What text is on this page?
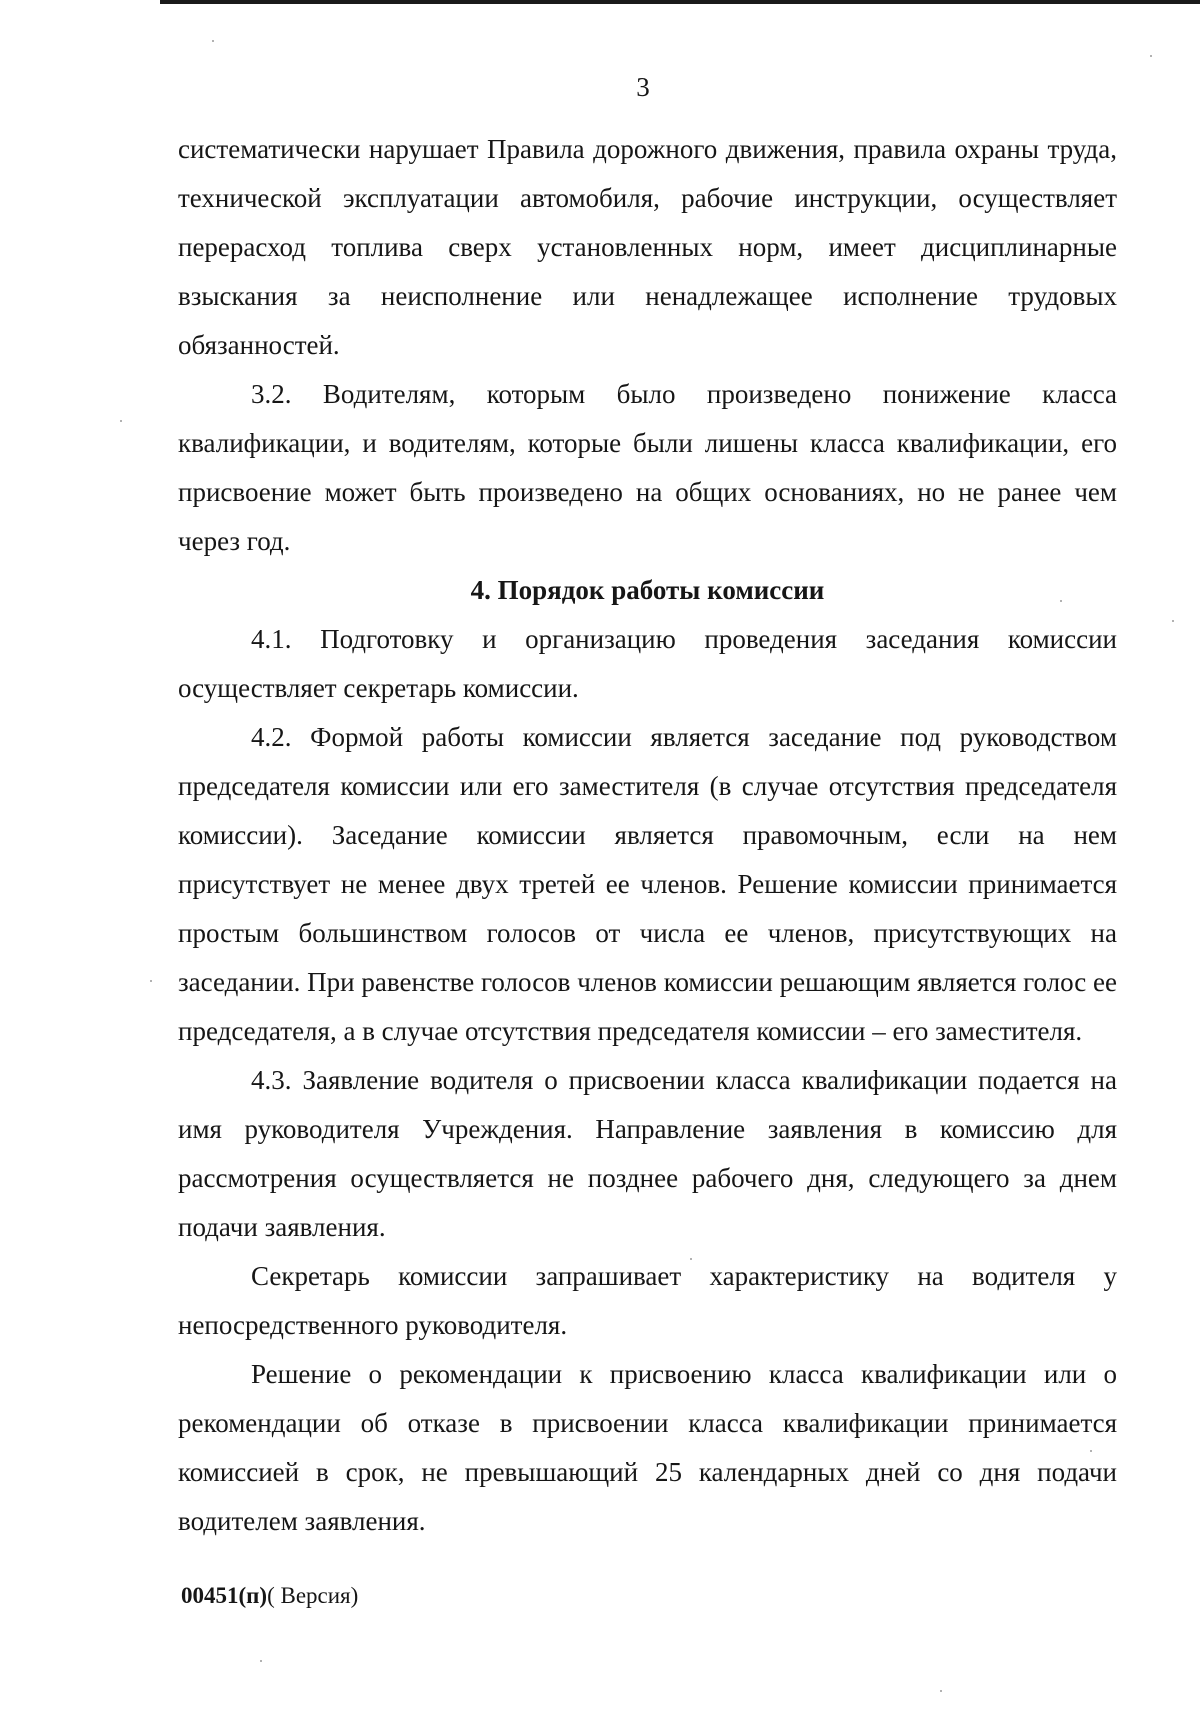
3

систематически нарушает Правила дорожного движения, правила охраны труда, технической эксплуатации автомобиля, рабочие инструкции, осуществляет перерасход топлива сверх установленных норм, имеет дисциплинарные взыскания за неисполнение или ненадлежащее исполнение трудовых обязанностей.

3.2. Водителям, которым было произведено понижение класса квалификации, и водителям, которые были лишены класса квалификации, его присвоение может быть произведено на общих основаниях, но не ранее чем через год.

4. Порядок работы комиссии

4.1. Подготовку и организацию проведения заседания комиссии осуществляет секретарь комиссии.

4.2. Формой работы комиссии является заседание под руководством председателя комиссии или его заместителя (в случае отсутствия председателя комиссии). Заседание комиссии является правомочным, если на нем присутствует не менее двух третей ее членов. Решение комиссии принимается простым большинством голосов от числа ее членов, присутствующих на заседании. При равенстве голосов членов комиссии решающим является голос ее председателя, а в случае отсутствия председателя комиссии – его заместителя.

4.3. Заявление водителя о присвоении класса квалификации подается на имя руководителя Учреждения. Направление заявления в комиссию для рассмотрения осуществляется не позднее рабочего дня, следующего за днем подачи заявления.

Секретарь комиссии запрашивает характеристику на водителя у непосредственного руководителя.

Решение о рекомендации к присвоению класса квалификации или о рекомендации об отказе в присвоении класса квалификации принимается комиссией в срок, не превышающий 25 календарных дней со дня подачи водителем заявления.

00451(п)( Версия)
